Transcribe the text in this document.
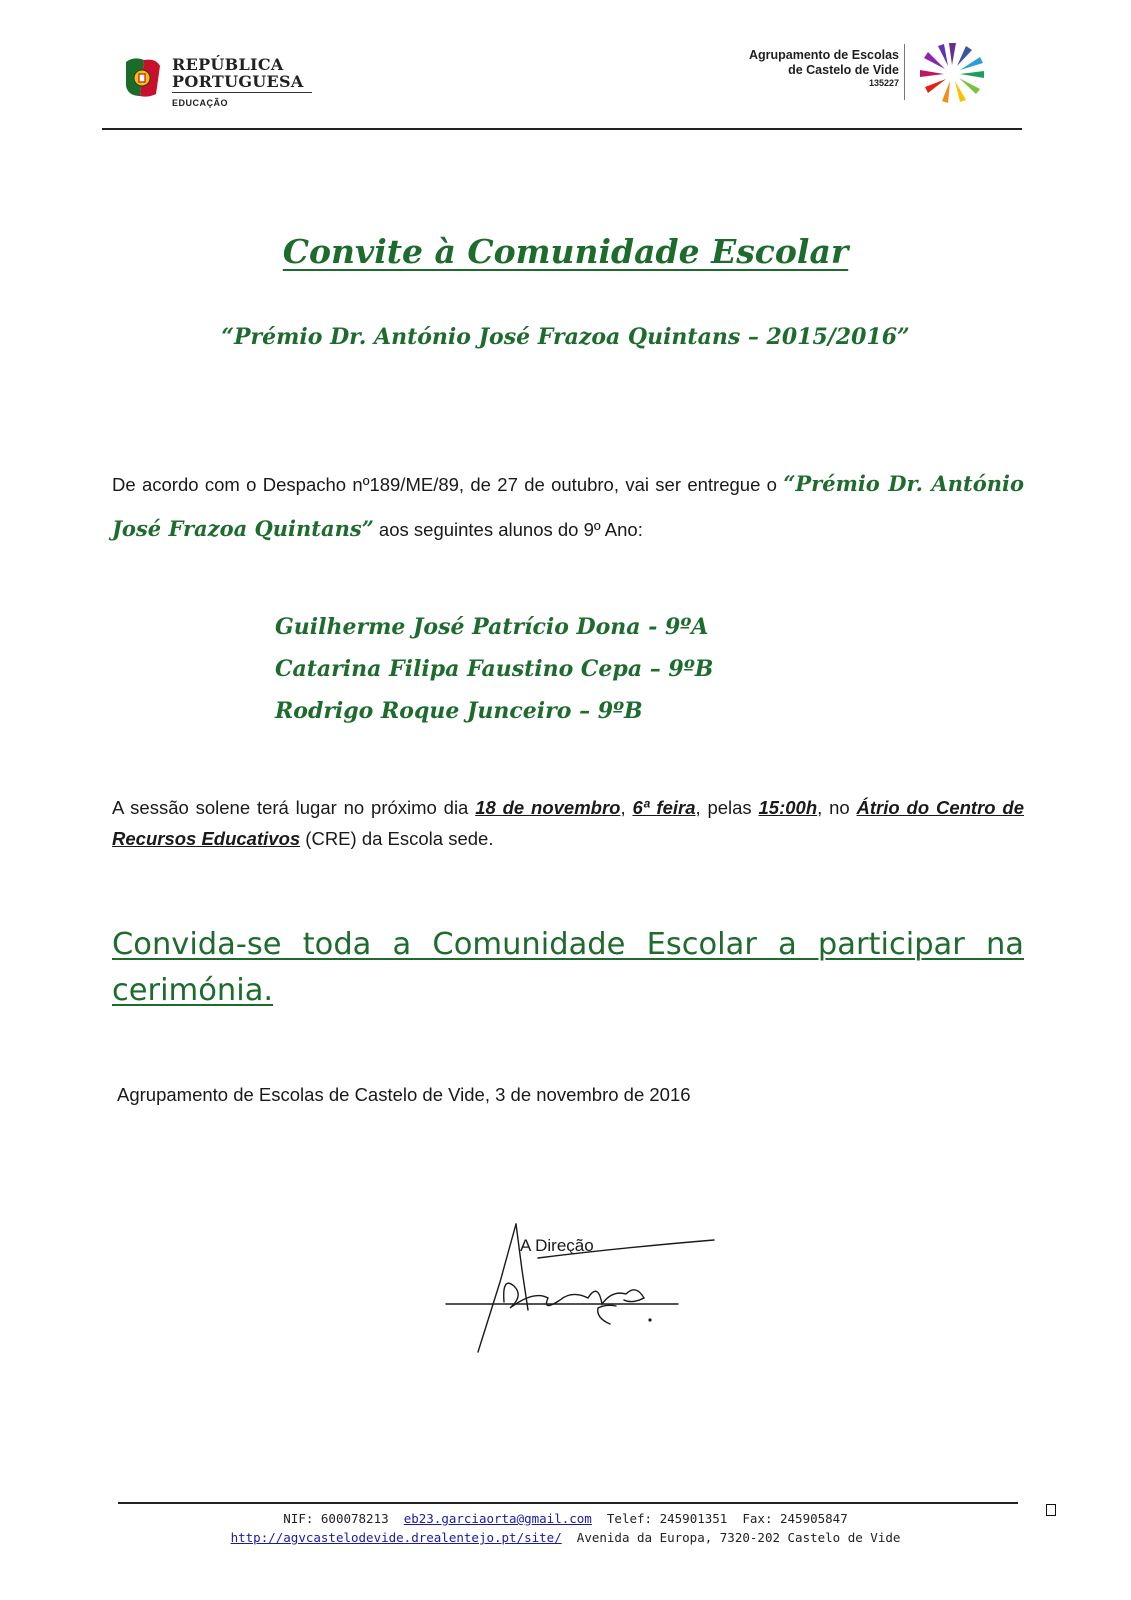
REPÚBLICA
PORTUGUESA
EDUCAÇÃO
Agrupamento de Escolas
de Castelo de Vide
135227
Convite à Comunidade Escolar
“Prémio Dr. António José Frazoa Quintans – 2015/2016”
De acordo com o Despacho nº189/ME/89, de 27 de outubro, vai ser entregue o “Prémio Dr. António José Frazoa Quintans” aos seguintes alunos do 9º Ano:
Guilherme José Patrício Dona - 9ºA
Catarina Filipa Faustino Cepa – 9ºB
Rodrigo Roque Junceiro – 9ºB
A sessão solene terá lugar no próximo dia 18 de novembro, 6ª feira, pelas 15:00h, no Átrio do Centro de Recursos Educativos (CRE) da Escola sede.
Convida-se toda a Comunidade Escolar a participar na cerimónia.
Agrupamento de Escolas de Castelo de Vide, 3 de novembro de 2016
A Direção
NIF: 600078213 eb23.garciaorta@gmail.com Telef: 245901351  Fax: 245905847
http://agvcastelodevide.drealentejo.pt/site/ Avenida da Europa, 7320-202 Castelo de Vide
